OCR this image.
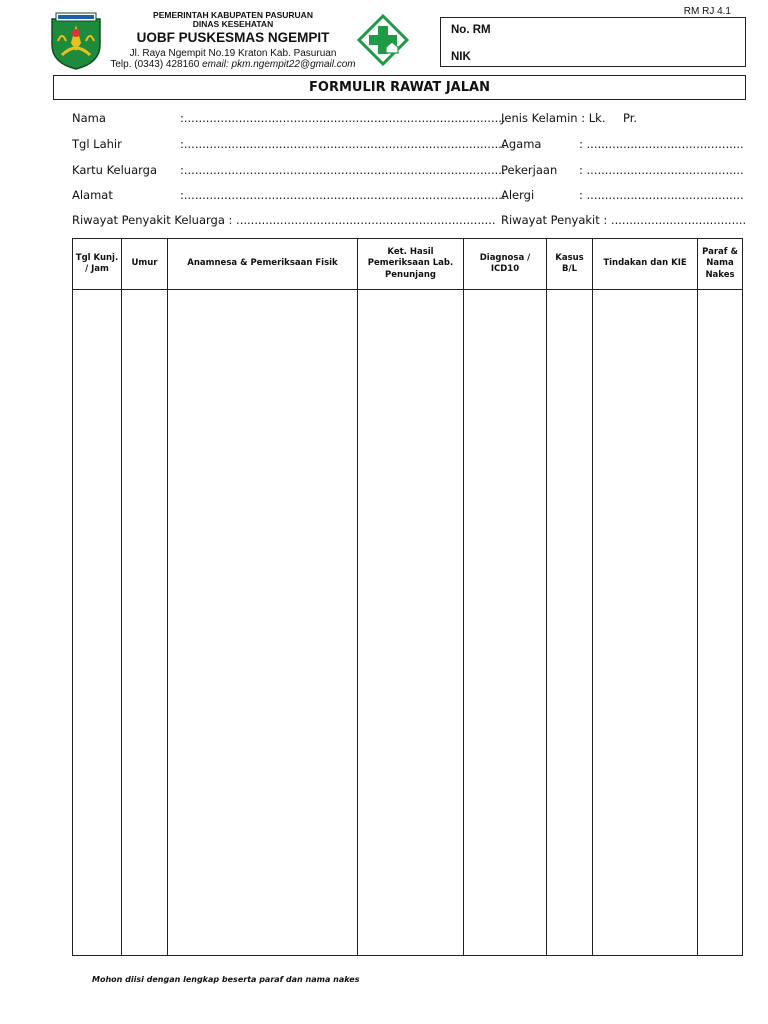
RM RJ 4.1
PEMERINTAH KABUPATEN PASURUAN
DINAS KESEHATAN
UOBF PUSKESMAS NGEMPIT
Jl. Raya Ngempit No.19 Kraton Kab. Pasuruan
Telp. (0343) 428160 email: pkm.ngempit22@gmail.com
No. RM
NIK
FORMULIR RAWAT JALAN
Nama	:........................................................................................
Tgl Lahir	:........................................................................................
Kartu Keluarga :........................................................................................
Alamat	:........................................................................................
Riwayat Penyakit Keluarga : .......................................................................
Jenis Kelamin : Lk. Pr.
Agama	: ...........................................
Pekerjaan : ...........................................
Alergi	: ...........................................
Riwayat Penyakit : .....................................
Tgl Kunj. / Jam	Umur	Anamnesa & Pemeriksaan Fisik	Ket. Hasil Pemeriksaan Lab. Penunjang	Diagnosa / ICD10	Kasus B/L	Tindakan dan KIE	Paraf & Nama Nakes

Mohon diisi dengan lengkap beserta paraf dan nama nakes
